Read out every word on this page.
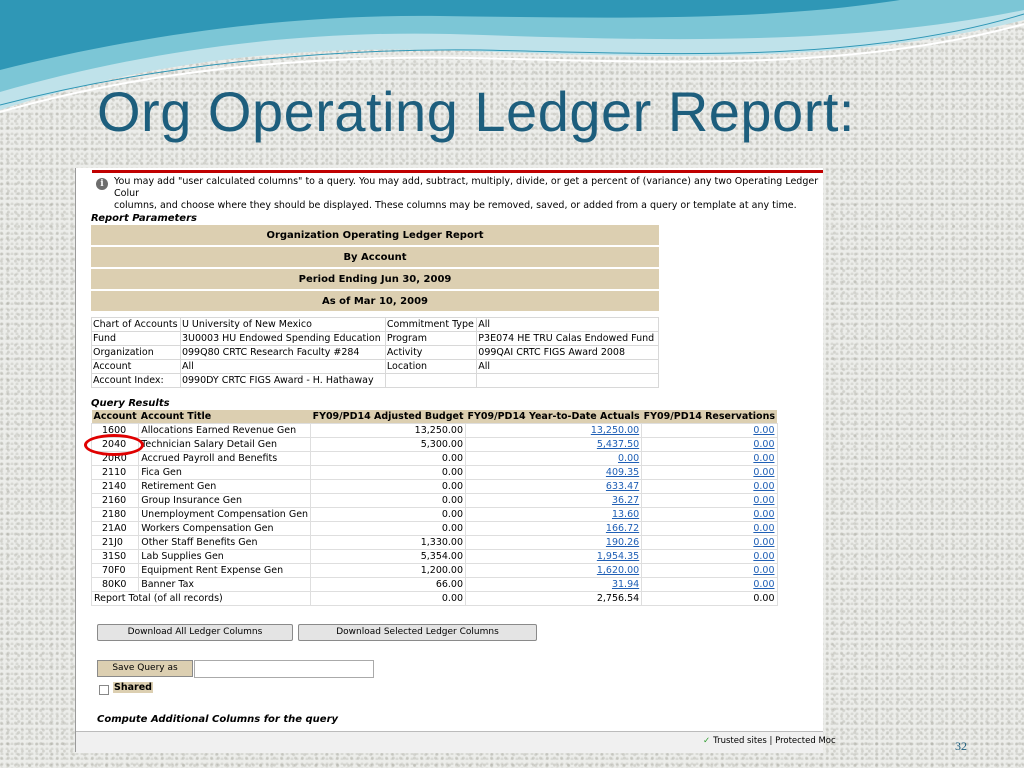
Org Operating Ledger Report:
i	You may add "user calculated columns" to a query. You may add, subtract, multiply, divide, or get a percent of (variance) any two Operating Ledger Colur
columns, and choose where they should be displayed. These columns may be removed, saved, or added from a query or template at any time.
Report Parameters
Organization Operating Ledger Report
By Account
Period Ending Jun 30, 2009
As of Mar 10, 2009
Chart of Accounts	U University of New Mexico	Commitment Type	All
Fund	3U0003 HU Endowed Spending Education	Program	P3E074 HE TRU Calas Endowed Fund
Organization	099Q80 CRTC Research Faculty #284	Activity	099QAI CRTC FIGS Award 2008
Account	All	Location	All
Account Index:	0990DY CRTC FIGS Award - H. Hathaway		
Query Results
Account	Account Title	FY09/PD14 Adjusted Budget	FY09/PD14 Year-to-Date Actuals	FY09/PD14 Reservations
1600	Allocations Earned Revenue Gen	13,250.00	13,250.00	0.00
2040	Technician Salary Detail Gen	5,300.00	5,437.50	0.00
20R0	Accrued Payroll and Benefits	0.00	0.00	0.00
2110	Fica Gen	0.00	409.35	0.00
2140	Retirement Gen	0.00	633.47	0.00
2160	Group Insurance Gen	0.00	36.27	0.00
2180	Unemployment Compensation Gen	0.00	13.60	0.00
21A0	Workers Compensation Gen	0.00	166.72	0.00
21J0	Other Staff Benefits Gen	1,330.00	190.26	0.00
31S0	Lab Supplies Gen	5,354.00	1,954.35	0.00
70F0	Equipment Rent Expense Gen	1,200.00	1,620.00	0.00
80K0	Banner Tax	66.00	31.94	0.00
Report Total (of all records)		0.00	2,756.54	0.00
Download All Ledger Columns	Download Selected Ledger Columns
Save Query as
Shared
Compute Additional Columns for the query
✓ Trusted sites | Protected Moc	32
